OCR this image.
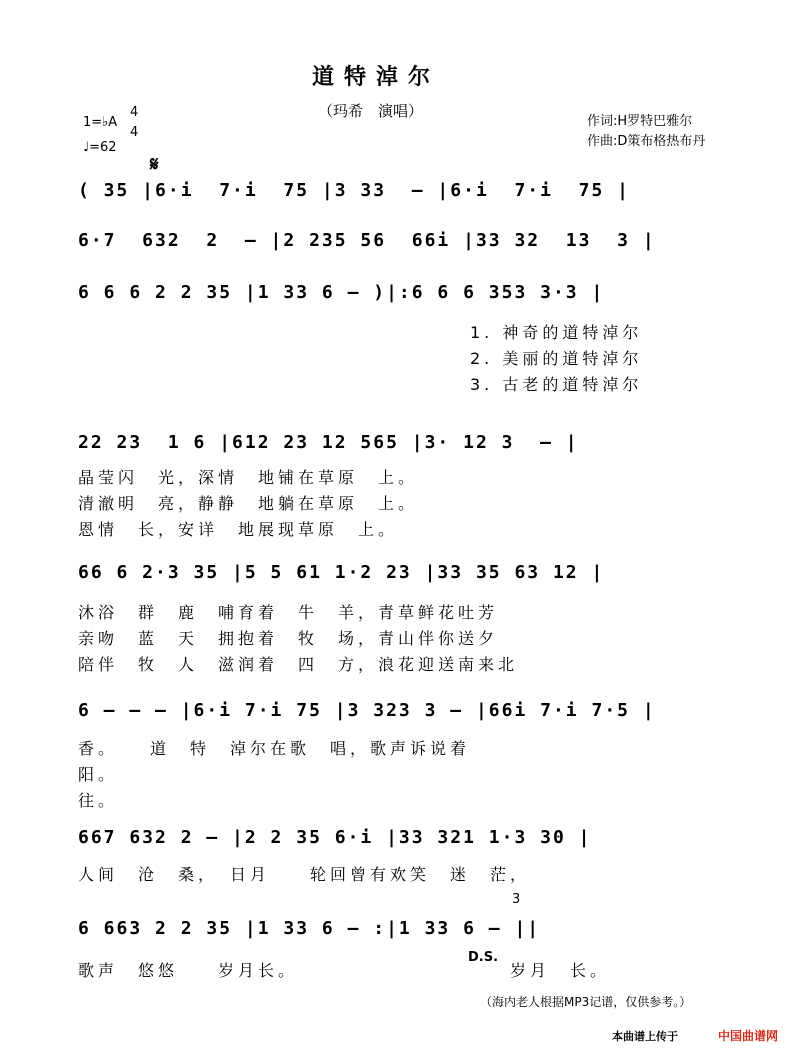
道特淖尔
（玛希　演唱）
1=♭A
4
4
♩=62
作词:H罗特巴雅尔
作曲:D策布格热布丹
𝄋
( 35 |6·i  7·i  75 |3 33  – |6·i  7·i  75 |
6·7  632  2  – |2 235 56  66i |33 32  13  3 |
6 6 6 2 2 35 |1 33 6 – )|:6 6 6 353 3·3 |
1. 神奇的道特淖尔
2. 美丽的道特淖尔
3. 古老的道特淖尔
22 23  1 6 |612 23 12 565 |3· 12 3  – |
晶莹闪　光，深情　地铺在草原　上。
清澈明　亮，静静　地躺在草原　上。
恩情　长，安详　地展现草原　上。
66 6 2·3 35 |5 5 61 1·2 23 |33 35 63 12 |
沐浴　群　鹿　哺育着　牛　羊，青草鲜花吐芳
亲吻　蓝　天　拥抱着　牧　场，青山伴你送夕
陪伴　牧　人　滋润着　四　方，浪花迎送南来北
6 – – – |6·i 7·i 75 |3 323 3 – |66i 7·i 7·5 |
香。　　道　特　淖尔在歌　唱，歌声诉说着
阳。
往。
667 632 2 – |2 2 35 6·i |33 321 1·3 30 |
人间　沧　桑，　日月　　轮回曾有欢笑　迷　茫，
3
6 663 2 2 35 |1 33 6 – :|1 33 6 – ||
歌声　悠悠　　岁月长。
D.S.
岁月　长。
（海内老人根据MP3记谱，仅供参考。）
本曲谱上传于	中国曲谱网
